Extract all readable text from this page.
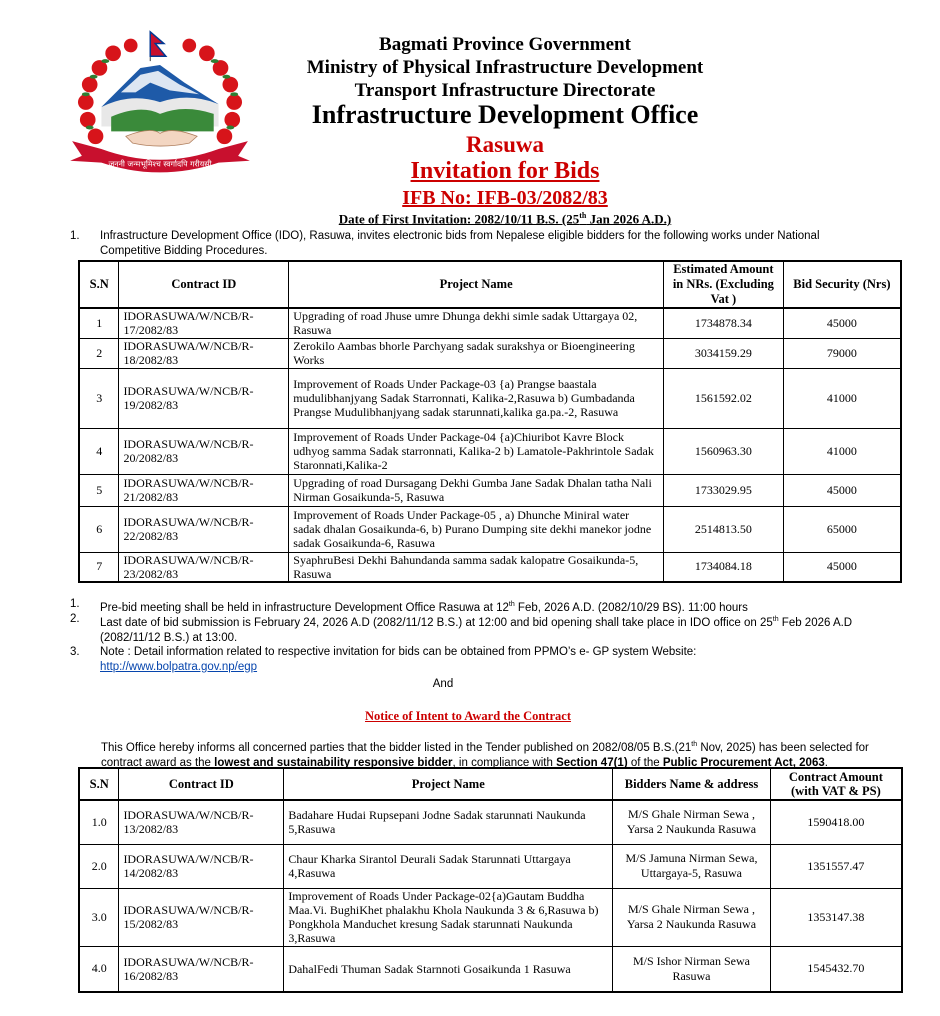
जननी जन्मभूमिश्च स्वर्गादपि गरीयसी
Bagmati Province Government
Ministry of Physical Infrastructure Development
Transport Infrastructure Directorate
Infrastructure Development Office
Rasuwa
Invitation for Bids
IFB No: IFB-03/2082/83
Date of First Invitation: 2082/10/11 B.S. (25th Jan 2026 A.D.)
1. Infrastructure Development Office (IDO), Rasuwa, invites electronic bids from Nepalese eligible bidders for the following works under National Competitive Bidding Procedures.
S.N	Contract ID	Project Name	Estimated Amount in NRs. (Excluding Vat )	Bid Security (Nrs)
1	IDORASUWA/W/NCB/R-17/2082/83	Upgrading of road Jhuse umre Dhunga dekhi simle sadak Uttargaya 02, Rasuwa	1734878.34	45000
2	IDORASUWA/W/NCB/R-18/2082/83	Zerokilo Aambas bhorle Parchyang sadak surakshya or Bioengineering Works	3034159.29	79000
3	IDORASUWA/W/NCB/R-19/2082/83	Improvement of Roads Under Package-03 {a) Prangse baastala mudulibhanjyang Sadak Starronnati, Kalika-2,Rasuwa b) Gumbadanda Prangse Mudulibhanjyang sadak starunnati,kalika ga.pa.-2, Rasuwa	1561592.02	41000
4	IDORASUWA/W/NCB/R-20/2082/83	Improvement of Roads Under Package-04 {a)Chiuribot Kavre Block udhyog samma Sadak starronnati, Kalika-2 b) Lamatole-Pakhrintole Sadak Staronnati,Kalika-2	1560963.30	41000
5	IDORASUWA/W/NCB/R-21/2082/83	Upgrading of road Dursagang Dekhi Gumba Jane Sadak Dhalan tatha Nali Nirman Gosaikunda-5, Rasuwa	1733029.95	45000
6	IDORASUWA/W/NCB/R-22/2082/83	Improvement of Roads Under Package-05 , a) Dhunche Miniral water sadak dhalan Gosaikunda-6, b) Purano Dumping site dekhi manekor jodne sadak Gosaikunda-6, Rasuwa	2514813.50	65000
7	IDORASUWA/W/NCB/R-23/2082/83	SyaphruBesi Dekhi Bahundanda samma sadak kalopatre Gosaikunda-5, Rasuwa	1734084.18	45000
1. Pre-bid meeting shall be held in infrastructure Development Office Rasuwa at 12th Feb, 2026 A.D. (2082/10/29 BS). 11:00 hours
2. Last date of bid submission is February 24, 2026 A.D (2082/11/12 B.S.) at 12:00 and bid opening shall take place in IDO office on 25th Feb 2026 A.D (2082/11/12 B.S.) at 13:00.
3. Note : Detail information related to respective invitation for bids can be obtained from PPMO’s e- GP system Website:
http://www.bolpatra.gov.np/egp
And
Notice of Intent to Award the Contract
This Office hereby informs all concerned parties that the bidder listed in the Tender published on 2082/08/05 B.S.(21th Nov, 2025) has been selected for contract award as the lowest and sustainability responsive bidder, in compliance with Section 47(1) of the Public Procurement Act, 2063.
S.N	Contract ID	Project Name	Bidders Name & address	Contract Amount (with VAT & PS)
1.0	IDORASUWA/W/NCB/R-13/2082/83	Badahare Hudai Rupsepani Jodne Sadak starunnati Naukunda 5,Rasuwa	M/S Ghale Nirman Sewa , Yarsa 2 Naukunda Rasuwa	1590418.00
2.0	IDORASUWA/W/NCB/R-14/2082/83	Chaur Kharka Sirantol Deurali Sadak Starunnati Uttargaya 4,Rasuwa	M/S Jamuna Nirman Sewa, Uttargaya-5, Rasuwa	1351557.47
3.0	IDORASUWA/W/NCB/R-15/2082/83	Improvement of Roads Under Package-02{a)Gautam Buddha Maa.Vi. BughiKhet phalakhu Khola Naukunda 3 & 6,Rasuwa b) Pongkhola Manduchet kresung Sadak starunnati Naukunda 3,Rasuwa	M/S Ghale Nirman Sewa , Yarsa 2 Naukunda Rasuwa	1353147.38
4.0	IDORASUWA/W/NCB/R-16/2082/83	DahalFedi Thuman Sadak Starnnoti Gosaikunda 1 Rasuwa	M/S Ishor Nirman Sewa Rasuwa	1545432.70
